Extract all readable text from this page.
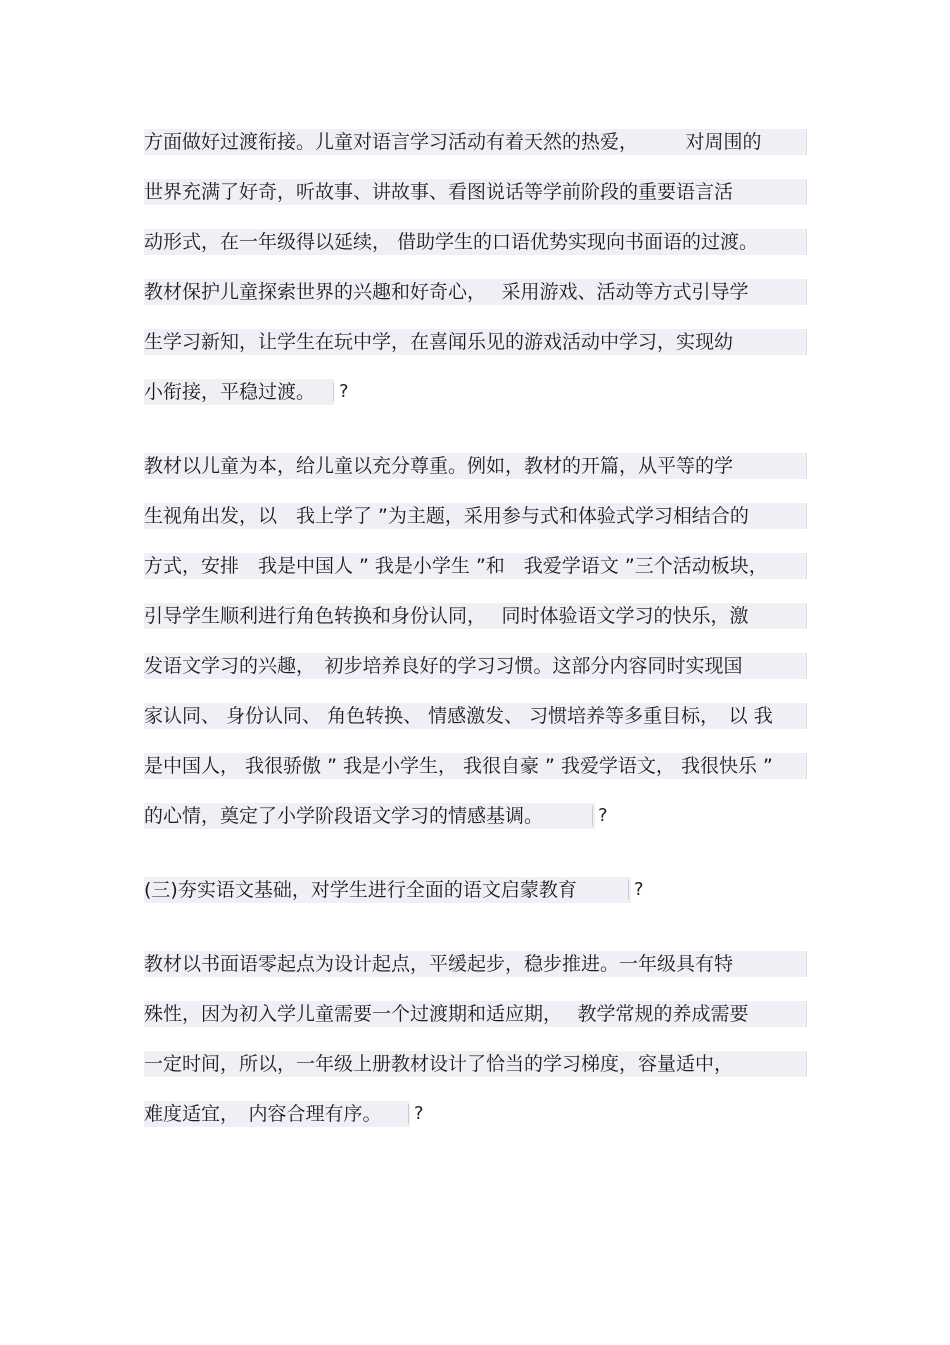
方面做好过渡衔接。儿童对语言学习活动有着天然的热爱，　　　对周围的
世界充满了好奇，听故事、讲故事、看图说话等学前阶段的重要语言活
动形式，在一年级得以延续， 借助学生的口语优势实现向书面语的过渡。
教材保护儿童探索世界的兴趣和好奇心，　 采用游戏、活动等方式引导学
生学习新知，让学生在玩中学，在喜闻乐见的游戏活动中学习，实现幼
小衔接，平稳过渡。	?
教材以儿童为本，给儿童以充分尊重。例如，教材的开篇，从平等的学
生视角出发，以　我上学了 ”为主题，采用参与式和体验式学习相结合的
方式，安排　我是中国人 ” 我是小学生 ”和　我爱学语文 ”三个活动板块，
引导学生顺利进行角色转换和身份认同，　 同时体验语文学习的快乐，激
发语文学习的兴趣，　初步培养良好的学习习惯。这部分内容同时实现国
家认同、 身份认同、 角色转换、 情感激发、 习惯培养等多重目标，　以 我
是中国人， 我很骄傲 ” 我是小学生， 我很自豪 ” 我爱学语文， 我很快乐 ”
的心情，奠定了小学阶段语文学习的情感基调。	?
(三)夯实语文基础，对学生进行全面的语文启蒙教育	?
教材以书面语零起点为设计起点，平缓起步，稳步推进。一年级具有特
殊性，因为初入学儿童需要一个过渡期和适应期，　 教学常规的养成需要
一定时间，所以，一年级上册教材设计了恰当的学习梯度，容量适中，
难度适宜，　内容合理有序。	?
